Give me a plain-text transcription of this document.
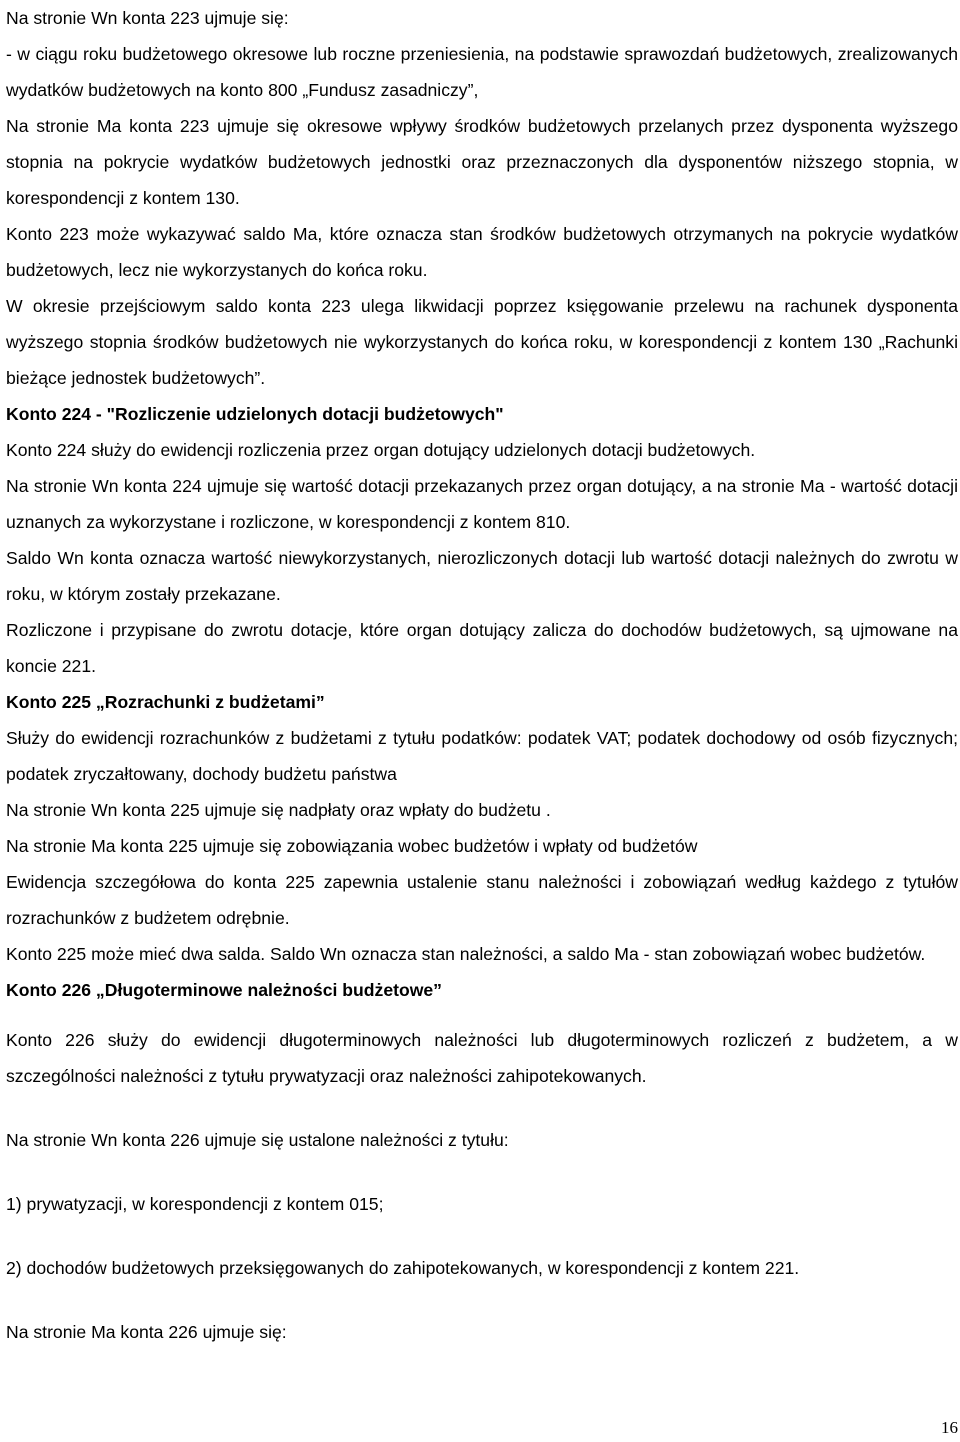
Na stronie Wn konta 223 ujmuje się:

- w ciągu roku budżetowego okresowe lub roczne przeniesienia, na podstawie sprawozdań budżetowych, zrealizowanych wydatków budżetowych na konto 800 „Fundusz zasadniczy”,

Na stronie Ma konta 223 ujmuje się okresowe wpływy środków budżetowych przelanych przez dysponenta wyższego stopnia na pokrycie wydatków budżetowych jednostki oraz przeznaczonych dla dysponentów niższego stopnia, w korespondencji z kontem 130.

Konto 223 może wykazywać saldo Ma, które oznacza stan środków budżetowych otrzymanych na pokrycie wydatków budżetowych, lecz nie wykorzystanych do końca roku.

W okresie przejściowym saldo konta 223 ulega likwidacji poprzez księgowanie przelewu na rachunek dysponenta wyższego stopnia środków budżetowych nie wykorzystanych do końca roku, w korespondencji z kontem 130 „Rachunki bieżące jednostek budżetowych”.

Konto 224 - "Rozliczenie udzielonych dotacji budżetowych"

Konto 224 służy do ewidencji rozliczenia przez organ dotujący udzielonych dotacji budżetowych.

Na stronie Wn konta 224 ujmuje się wartość dotacji przekazanych przez organ dotujący, a na stronie Ma - wartość dotacji uznanych za wykorzystane i rozliczone, w korespondencji z kontem 810.

Saldo Wn konta oznacza wartość niewykorzystanych, nierozliczonych dotacji lub wartość dotacji należnych do zwrotu w roku, w którym zostały przekazane.

Rozliczone i przypisane do zwrotu dotacje, które organ dotujący zalicza do dochodów budżetowych, są ujmowane na koncie 221.

Konto 225 „Rozrachunki z budżetami”

Służy do ewidencji rozrachunków z budżetami z tytułu podatków: podatek VAT; podatek dochodowy od osób fizycznych; podatek zryczałtowany, dochody budżetu państwa

Na stronie Wn konta 225 ujmuje się nadpłaty oraz wpłaty do budżetu .

Na stronie Ma konta 225 ujmuje się zobowiązania wobec budżetów i wpłaty od budżetów

Ewidencja szczegółowa do konta 225 zapewnia ustalenie stanu należności i zobowiązań według każdego z tytułów rozrachunków z budżetem odrębnie.

Konto 225 może mieć dwa salda. Saldo Wn oznacza stan należności, a saldo Ma - stan zobowiązań wobec budżetów.

Konto 226 „Długoterminowe należności budżetowe”

Konto 226 służy do ewidencji długoterminowych należności lub długoterminowych rozliczeń z budżetem, a w szczególności należności z tytułu prywatyzacji oraz należności zahipotekowanych.

Na stronie Wn konta 226 ujmuje się ustalone należności z tytułu:

1) prywatyzacji, w korespondencji z kontem 015;

2) dochodów budżetowych przeksięgowanych do zahipotekowanych, w korespondencji z kontem 221.

Na stronie Ma konta 226 ujmuje się:

16
